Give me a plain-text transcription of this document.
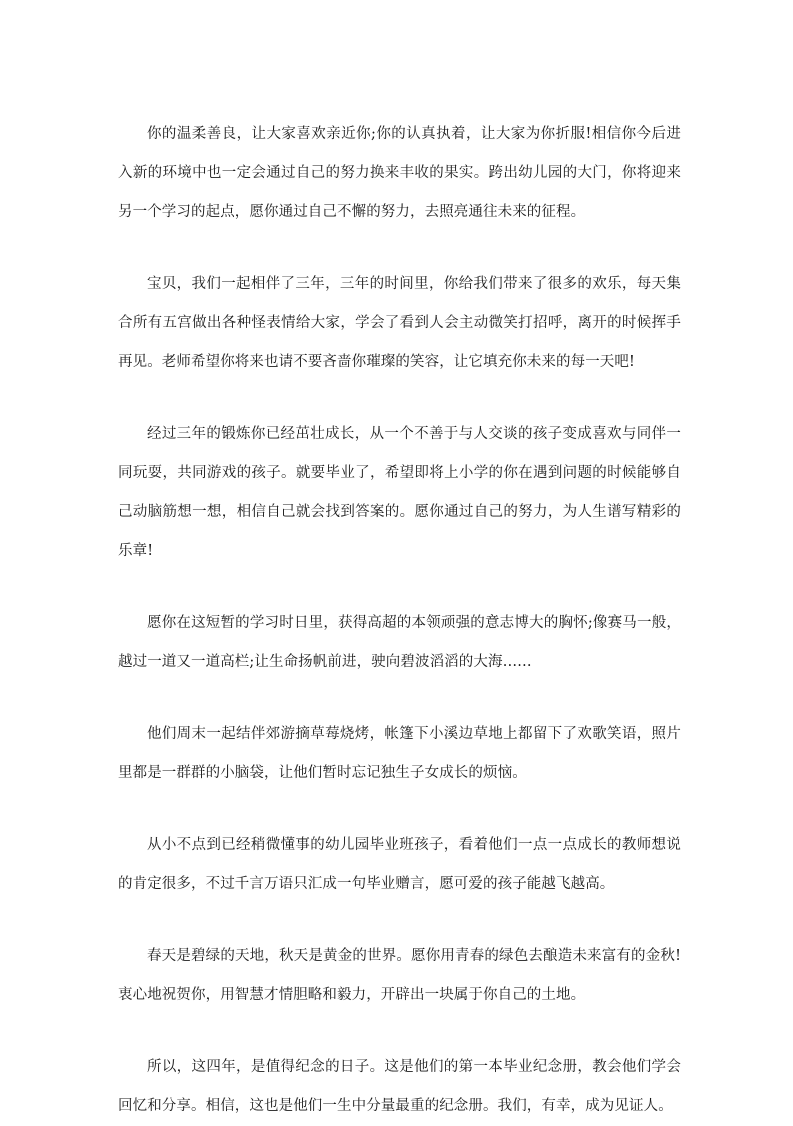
你的温柔善良，让大家喜欢亲近你;你的认真执着，让大家为你折服!相信你今后进入新的环境中也一定会通过自己的努力换来丰收的果实。跨出幼儿园的大门，你将迎来另一个学习的起点，愿你通过自己不懈的努力，去照亮通往未来的征程。

宝贝，我们一起相伴了三年，三年的时间里，你给我们带来了很多的欢乐，每天集合所有五宫做出各种怪表情给大家，学会了看到人会主动微笑打招呼，离开的时候挥手再见。老师希望你将来也请不要吝啬你璀璨的笑容，让它填充你未来的每一天吧!

经过三年的锻炼你已经茁壮成长，从一个不善于与人交谈的孩子变成喜欢与同伴一同玩耍，共同游戏的孩子。就要毕业了，希望即将上小学的你在遇到问题的时候能够自己动脑筋想一想，相信自己就会找到答案的。愿你通过自己的努力，为人生谱写精彩的乐章!

愿你在这短暂的学习时日里，获得高超的本领顽强的意志博大的胸怀;像赛马一般，越过一道又一道高栏;让生命扬帆前进，驶向碧波滔滔的大海……

他们周末一起结伴郊游摘草莓烧烤，帐篷下小溪边草地上都留下了欢歌笑语，照片里都是一群群的小脑袋，让他们暂时忘记独生子女成长的烦恼。

从小不点到已经稍微懂事的幼儿园毕业班孩子，看着他们一点一点成长的教师想说的肯定很多，不过千言万语只汇成一句毕业赠言，愿可爱的孩子能越飞越高。

春天是碧绿的天地，秋天是黄金的世界。愿你用青春的绿色去酿造未来富有的金秋!衷心地祝贺你，用智慧才情胆略和毅力，开辟出一块属于你自己的土地。

所以，这四年，是值得纪念的日子。这是他们的第一本毕业纪念册，教会他们学会回忆和分享。相信，这也是他们一生中分量最重的纪念册。我们，有幸，成为见证人。
